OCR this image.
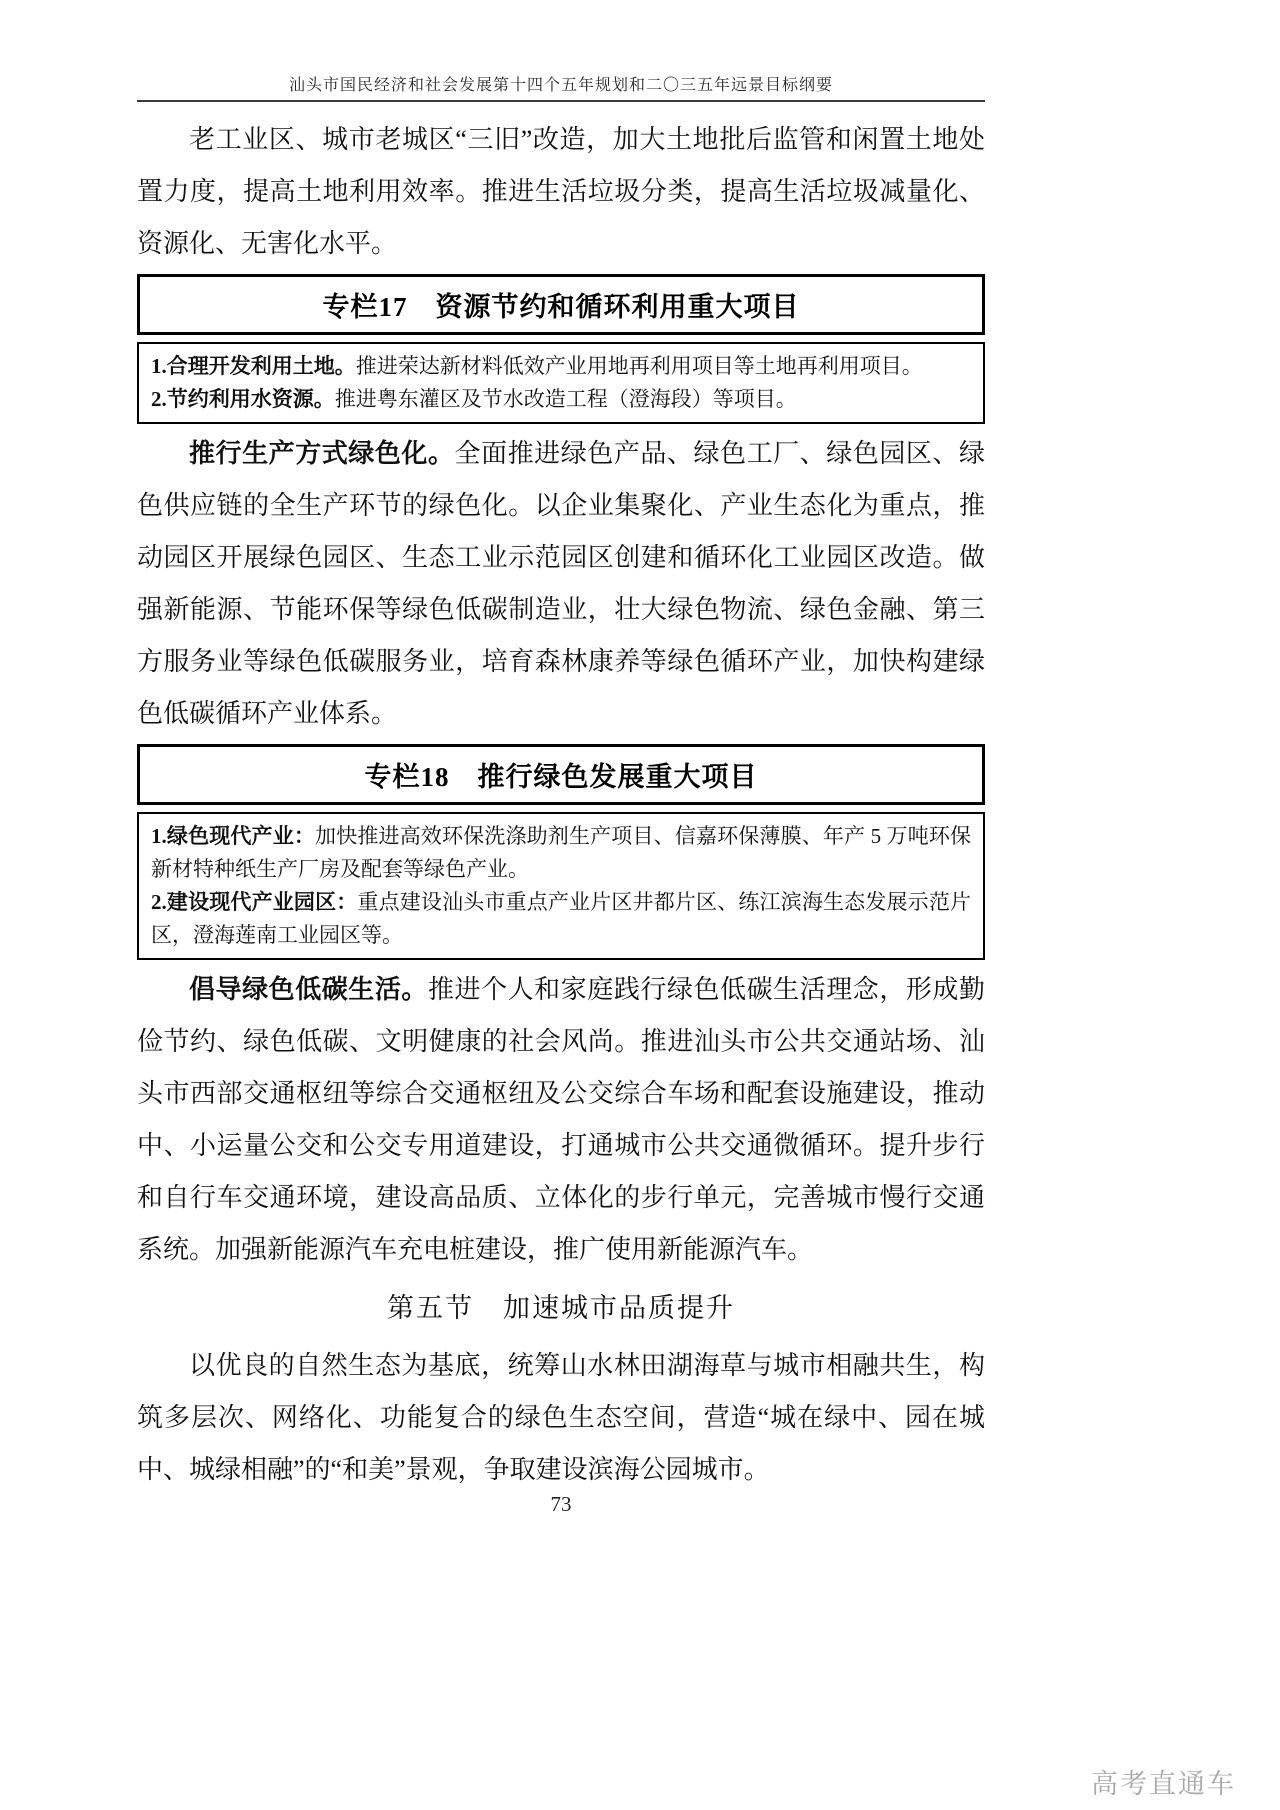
汕头市国民经济和社会发展第十四个五年规划和二〇三五年远景目标纲要

老工业区、城市老城区“三旧”改造，加大土地批后监管和闲置土地处置力度，提高土地利用效率。推进生活垃圾分类，提高生活垃圾减量化、资源化、无害化水平。

专栏17　资源节约和循环利用重大项目
1.合理开发利用土地。推进荣达新材料低效产业用地再利用项目等土地再利用项目。
2.节约利用水资源。推进粤东灌区及节水改造工程（澄海段）等项目。

推行生产方式绿色化。全面推进绿色产品、绿色工厂、绿色园区、绿色供应链的全生产环节的绿色化。以企业集聚化、产业生态化为重点，推动园区开展绿色园区、生态工业示范园区创建和循环化工业园区改造。做强新能源、节能环保等绿色低碳制造业，壮大绿色物流、绿色金融、第三方服务业等绿色低碳服务业，培育森林康养等绿色循环产业，加快构建绿色低碳循环产业体系。

专栏18　推行绿色发展重大项目
1.绿色现代产业：加快推进高效环保洗涤助剂生产项目、信嘉环保薄膜、年产 5 万吨环保新材特种纸生产厂房及配套等绿色产业。
2.建设现代产业园区：重点建设汕头市重点产业片区井都片区、练江滨海生态发展示范片区，澄海莲南工业园区等。

倡导绿色低碳生活。推进个人和家庭践行绿色低碳生活理念，形成勤俭节约、绿色低碳、文明健康的社会风尚。推进汕头市公共交通站场、汕头市西部交通枢纽等综合交通枢纽及公交综合车场和配套设施建设，推动中、小运量公交和公交专用道建设，打通城市公共交通微循环。提升步行和自行车交通环境，建设高品质、立体化的步行单元，完善城市慢行交通系统。加强新能源汽车充电桩建设，推广使用新能源汽车。

第五节　加速城市品质提升

以优良的自然生态为基底，统筹山水林田湖海草与城市相融共生，构筑多层次、网络化、功能复合的绿色生态空间，营造“城在绿中、园在城中、城绿相融”的“和美”景观，争取建设滨海公园城市。

73
高考直通车
